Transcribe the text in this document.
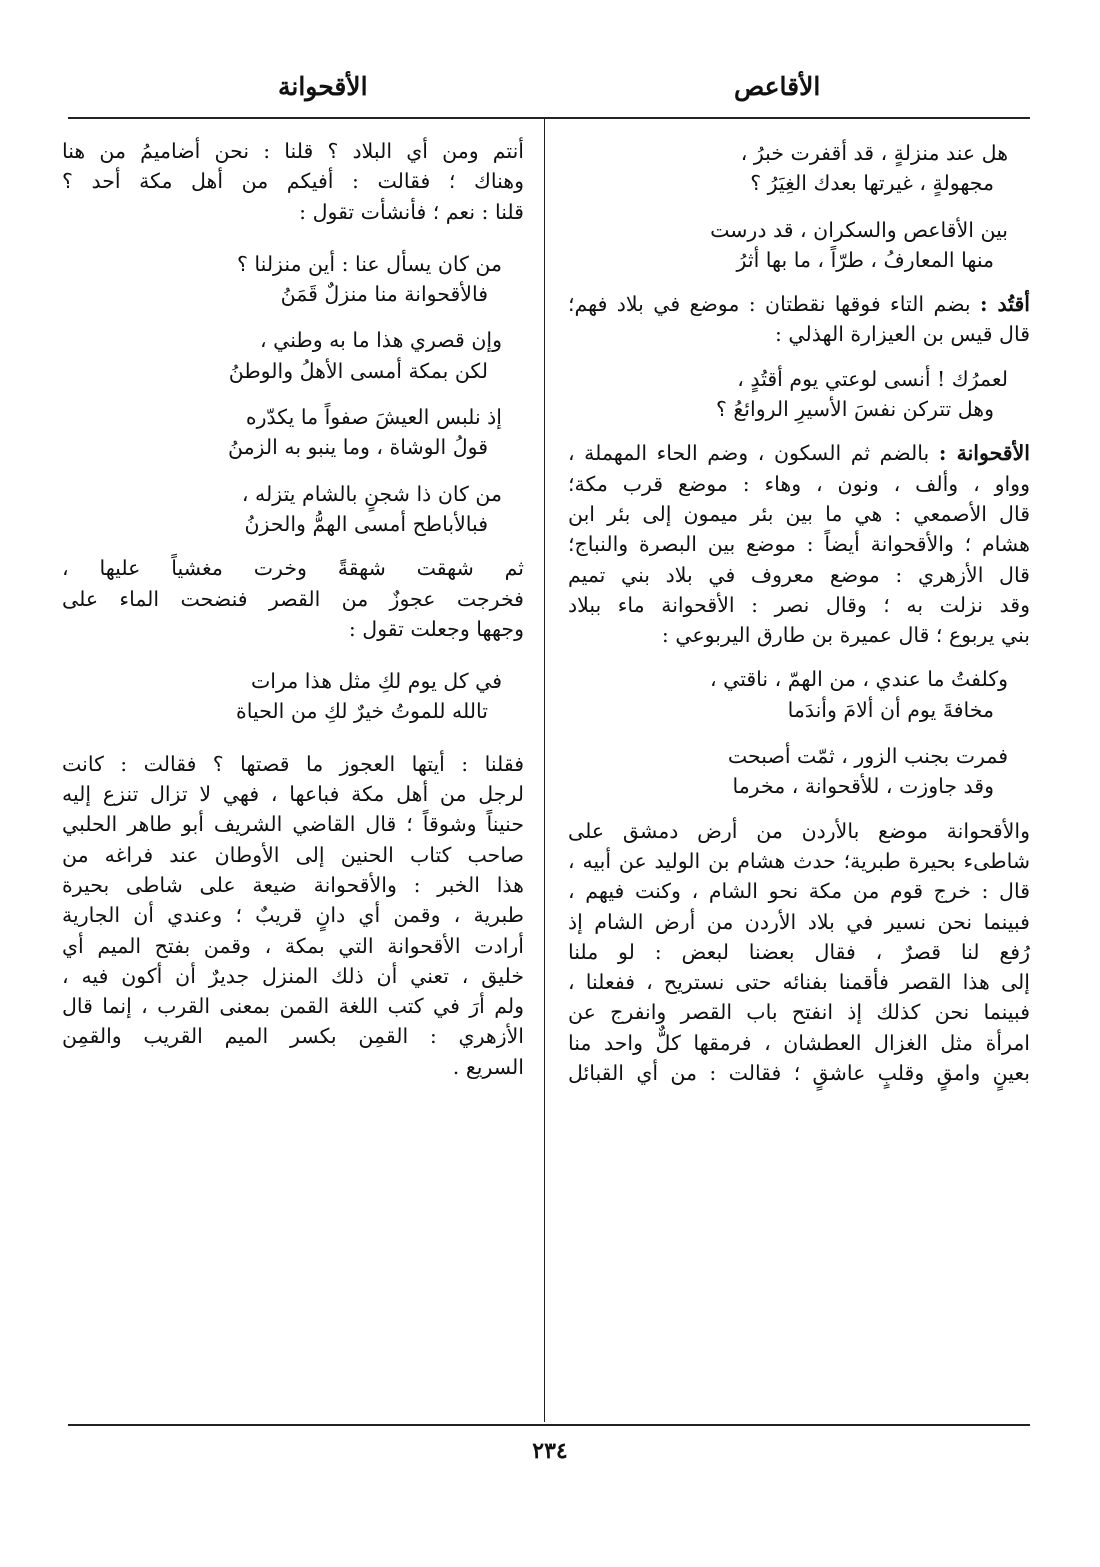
الأقاعص
الأقحوانة

هل عند منزلةٍ ، قد أقفرت خبرُ ،

مجهولةٍ ، غيرتها بعدك الغِيَرُ ؟

بين الأقاعص والسكران ، قد درست

منها المعارفُ ، طرّاً ، ما بها أثرُ

أقتُد : بضم التاء فوقها نقطتان : موضع في بلاد فهم؛

قال قيس بن العيزارة الهذلي :

لعمرُك ! أنسى لوعتي يوم أقتُدٍ ،

وهل تتركن نفسَ الأسيرِ الروائعُ ؟

الأقحوانة : بالضم ثم السكون ، وضم الحاء المهملة ،

وواو ، وألف ، ونون ، وهاء : موضع قرب مكة؛

قال الأصمعي : هي ما بين بئر ميمون إلى بئر ابن

هشام ؛ والأقحوانة أيضاً : موضع بين البصرة والنباج؛

قال الأزهري : موضع معروف في بلاد بني تميم

وقد نزلت به ؛ وقال نصر : الأقحوانة ماء ببلاد

بني يربوع ؛ قال عميرة بن طارق اليربوعي :

وكلفتُ ما عندي ، من الهمّ ، ناقتي ،

مخافةَ يوم أن ألامَ وأندَما

فمرت بجنب الزور ، ثمّت أصبحت

وقد جاوزت ، للأقحوانة ، مخرما

والأقحوانة موضع بالأردن من أرض دمشق على

شاطىء بحيرة طبرية؛ حدث هشام بن الوليد عن أبيه ،

قال : خرج قوم من مكة نحو الشام ، وكنت فيهم ،

فبينما نحن نسير في بلاد الأردن من أرض الشام إذ

رُفع لنا قصرٌ ، فقال بعضنا لبعض : لو ملنا

إلى هذا القصر فأقمنا بفنائه حتى نستريح ، ففعلنا ،

فبينما نحن كذلك إذ انفتح باب القصر وانفرج عن

امرأة مثل الغزال العطشان ، فرمقها كلٌّ واحد منا

بعينٍ وامقٍ وقلبٍ عاشقٍ ؛ فقالت : من أي القبائل

أنتم ومن أي البلاد ؟ قلنا : نحن أضاميمُ من هنا

وهناك ؛ فقالت : أفيكم من أهل مكة أحد ؟

قلنا : نعم ؛ فأنشأت تقول :

من كان يسأل عنا : أين منزلنا ؟

فالأقحوانة منا منزلٌ قَمَنُ

وإن قصري هذا ما به وطني ،

لكن بمكة أمسى الأهلُ والوطنُ

إذ نلبس العيشَ صفواً ما يكدّره

قولُ الوشاة ، وما ينبو به الزمنُ

من كان ذا شجنٍ بالشام يتزله ،

فبالأباطح أمسى الهمُّ والحزنُ

ثم شهقت شهقةً وخرت مغشياً عليها ،

فخرجت عجوزٌ من القصر فنضحت الماء على

وجهها وجعلت تقول :

في كل يوم لكِ مثل هذا مرات

تالله للموتُ خيرٌ لكِ من الحياة

فقلنا : أيتها العجوز ما قصتها ؟ فقالت : كانت

لرجل من أهل مكة فباعها ، فهي لا تزال تنزع إليه

حنيناً وشوقاً ؛ قال القاضي الشريف أبو طاهر الحلبي

صاحب كتاب الحنين إلى الأوطان عند فراغه من

هذا الخبر : والأقحوانة ضيعة على شاطى بحيرة

طبرية ، وقمن أي دانٍ قريبٌ ؛ وعندي أن الجارية

أرادت الأقحوانة التي بمكة ، وقمن بفتح الميم أي

خليق ، تعني أن ذلك المنزل جديرٌ أن أكون فيه ،

ولم أرَ في كتب اللغة القمن بمعنى القرب ، إنما قال

الأزهري : القمِن بكسر الميم القريب والقمِن

السريع .

٢٣٤
